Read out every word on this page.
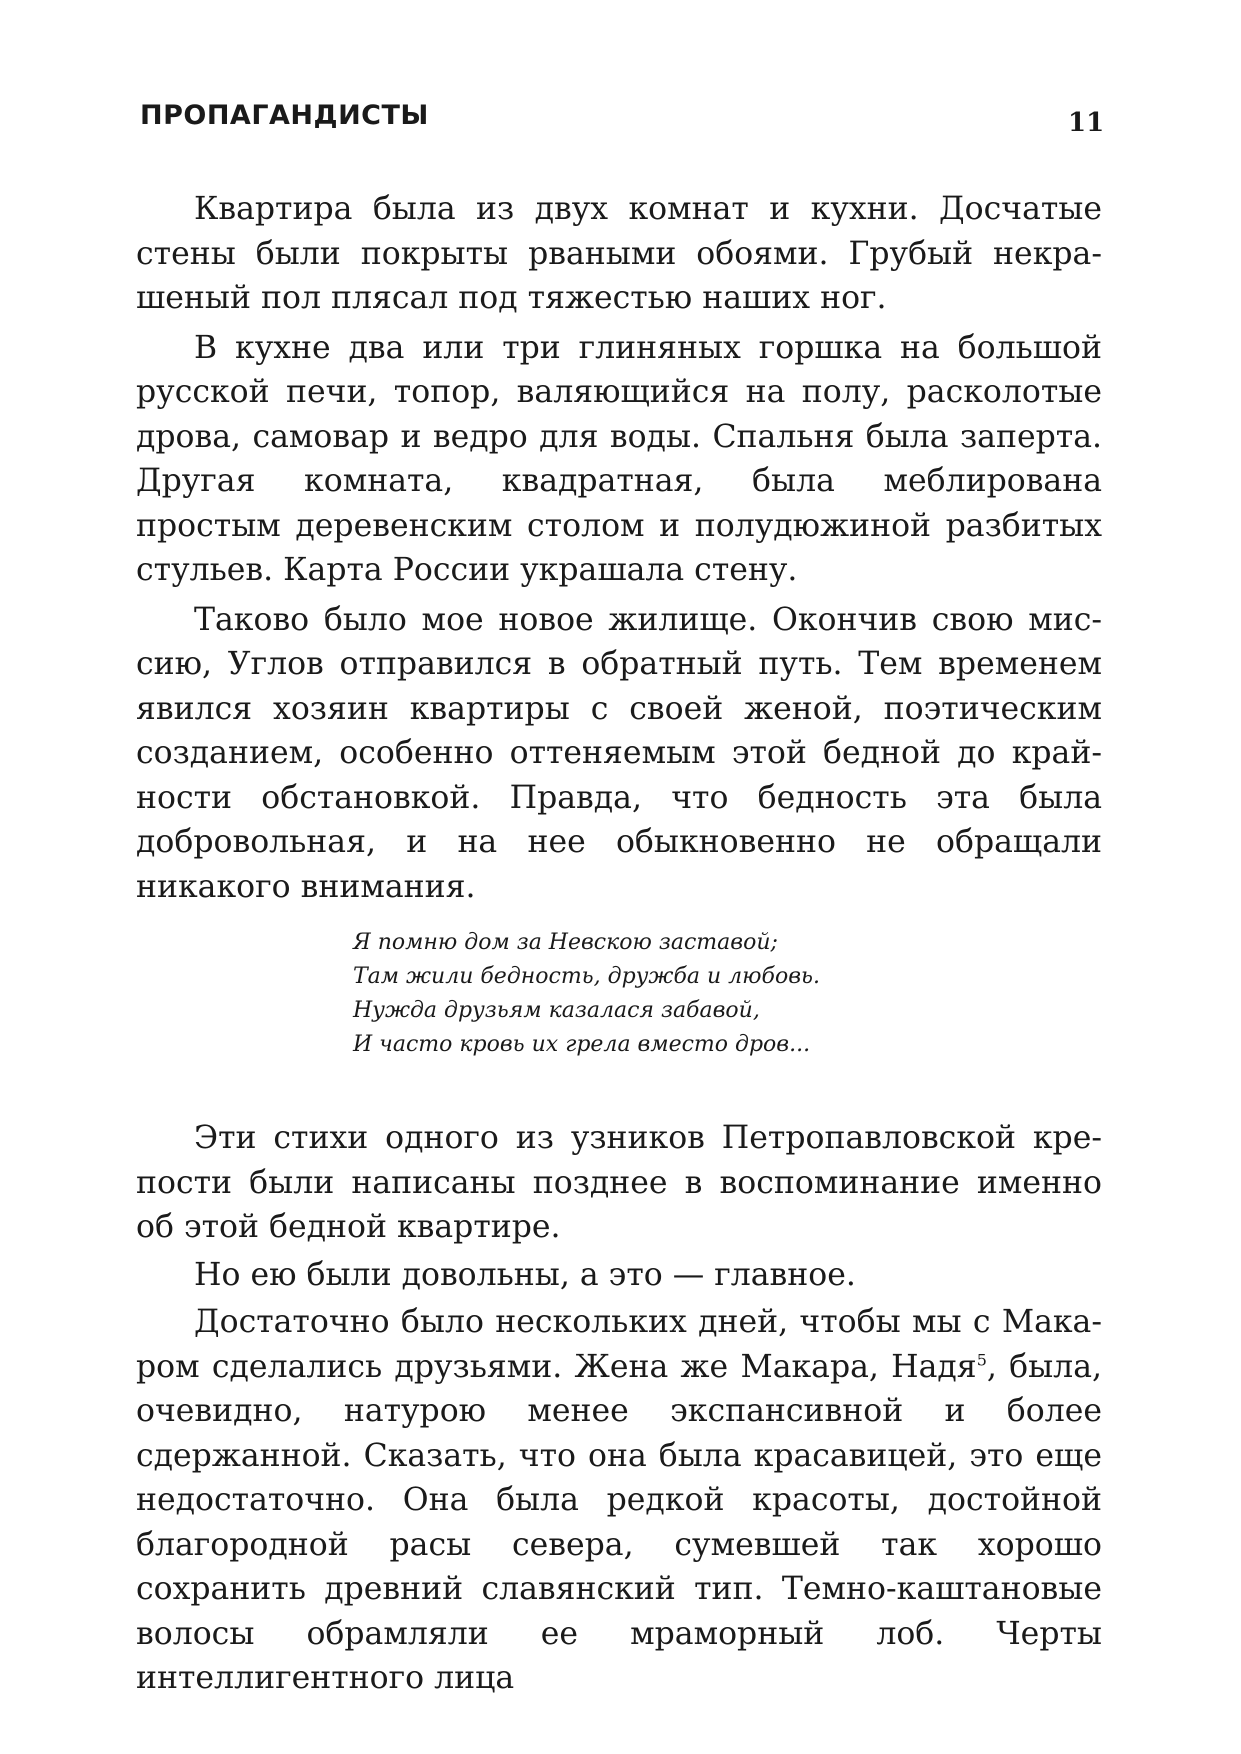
ПРОПАГАНДИСТЫ	11

Квартира была из двух комнат и кухни. Досчатые стены были покрыты рваными обоями. Грубый некрашеный пол плясал под тяжестью наших ног.

В кухне два или три глиняных горшка на большой русской печи, топор, валяющийся на полу, расколотые дрова, самовар и ведро для воды. Спальня была заперта. Другая комната, квадратная, была меблирована простым деревенским столом и полудюжиной разбитых стульев. Карта России украшала стену.

Таково было мое новое жилище. Окончив свою миссию, Углов отправился в обратный путь. Тем временем явился хозяин квартиры с своей женой, поэтическим созданием, особенно оттеняемым этой бедной до крайности обстановкой. Правда, что бедность эта была добровольная, и на нее обыкновенно не обращали никакого внимания.

Я помню дом за Невскою заставой;
Там жили бедность, дружба и любовь.
Нужда друзьям казалася забавой,
И часто кровь их грела вместо дров...

Эти стихи одного из узников Петропавловской крепости были написаны позднее в воспоминание именно об этой бедной квартире.

Но ею были довольны, а это — главное.

Достаточно было нескольких дней, чтобы мы с Макаром сделались друзьями. Жена же Макара, Надя$^5$, была, очевидно, натурою менее экспансивной и более сдержанной. Сказать, что она была красавицей, это еще недостаточно. Она была редкой красоты, достойной благородной расы севера, сумевшей так хорошо сохранить древний славянский тип. Темно-каштановые волосы обрамляли ее мраморный лоб. Черты интеллигентного лица
